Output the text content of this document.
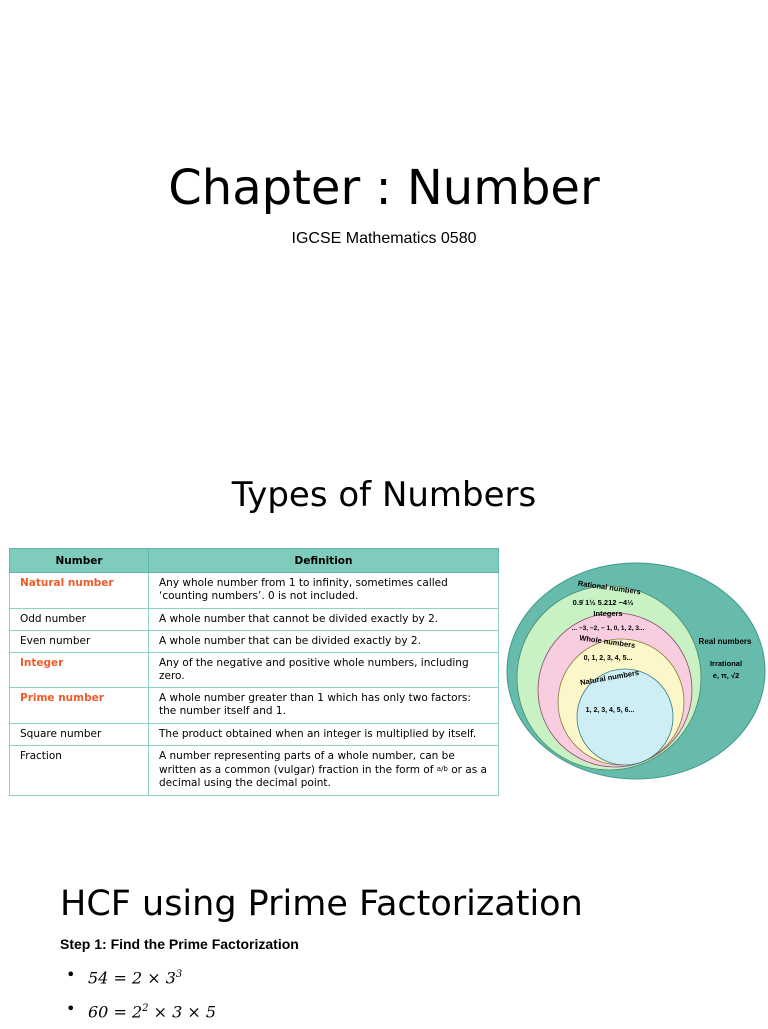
Chapter : Number
IGCSE Mathematics 0580
Types of Numbers
Number	Definition
Natural number	Any whole number from 1 to infinity, sometimes called ‘counting numbers’. 0 is not included.
Odd number	A whole number that cannot be divided exactly by 2.
Even number	A whole number that can be divided exactly by 2.
Integer	Any of the negative and positive whole numbers, including zero.
Prime number	A whole number greater than 1 which has only two factors: the number itself and 1.
Square number	The product obtained when an integer is multiplied by itself.
Fraction	A number representing parts of a whole number, can be written as a common (vulgar) fraction in the form of a/b or as a decimal using the decimal point.
Real numbers
Irrational
e, π, √2
Rational numbers
0.9̇ 1½ 5.212 −4⅓
Integers
... −3, −2, − 1, 0, 1, 2, 3...
Whole numbers
0, 1, 2, 3, 4, 5...
Natural numbers
1, 2, 3, 4, 5, 6...
HCF using Prime Factorization
Step 1: Find the Prime Factorization
• $54 = 2 \times 3^3$
• $60 = 2^2 \times 3 \times 5$
